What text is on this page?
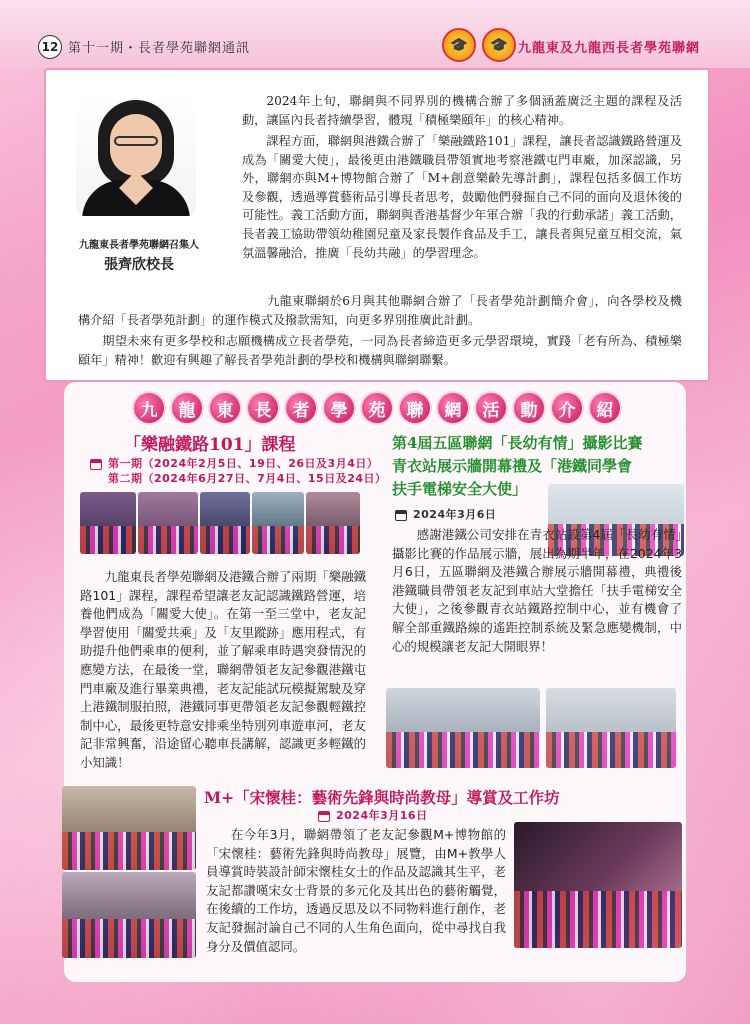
12 第十一期・長者學苑聯網通訊	🎓	🎓 九龍東及九龍西長者學苑聯網
九龍東長者學苑聯網召集人
張齊欣校長

2024年上旬，聯網與不同界別的機構合辦了多個涵蓋廣泛主題的課程及活動，讓區內長者持續學習，體現「積極樂頤年」的核心精神。

課程方面，聯網與港鐵合辦了「樂融鐵路101」課程，讓長者認識鐵路營運及成為「關愛大使」，最後更由港鐵職員帶領實地考察港鐵屯門車廠，加深認識，另外，聯網亦與M+博物館合辦了「M+創意樂齡先導計劃」，課程包括多個工作坊及參觀，透過導賞藝術品引導長者思考，鼓勵他們發掘自己不同的面向及退休後的可能性。義工活動方面，聯網與香港基督少年軍合辦「我的行動承諾」義工活動，長者義工協助帶領幼稚園兒童及家長製作食品及手工，讓長者與兒童互相交流，氣氛溫馨融洽，推廣「長幼共融」的學習理念。

九龍東聯網於6月與其他聯網合辦了「長者學苑計劃簡介會」，向各學校及機構介紹「長者學苑計劃」的運作模式及撥款需知，向更多界別推廣此計劃。

期望未來有更多學校和志願機構成立長者學苑，一同為長者締造更多元學習環境，實踐「老有所為、積極樂頤年」精神！歡迎有興趣了解長者學苑計劃的學校和機構與聯網聯繫。

九	龍	東	長	者	學	苑	聯	網	活	動	介	紹
「樂融鐵路101」課程
第一期（2024年2月5日、19日、26日及3月4日）
第二期（2024年6月27日、7月4日、15日及24日）

九龍東長者學苑聯網及港鐵合辦了兩期「樂融鐵路101」課程，課程希望讓老友記認識鐵路營運，培養他們成為「關愛大使」。在第一至三堂中，老友記學習使用「關愛共乘」及「友里蹤跡」應用程式，有助提升他們乘車的便利，並了解乘車時遇突發情況的應變方法，在最後一堂，聯網帶領老友記參觀港鐵屯門車廠及進行畢業典禮，老友記能試玩模擬駕駛及穿上港鐵制服拍照，港鐵同事更帶領老友記參觀輕鐵控制中心，最後更特意安排乘坐特別列車遊車河，老友記非常興奮，沿途留心聽車長講解，認識更多輕鐵的小知識！

第4屆五區聯網「長幼有情」攝影比賽
青衣站展示牆開幕禮及「港鐵同學會
扶手電梯安全大使」
2024年3月6日

感謝港鐵公司安排在青衣站設第4屆「長幼有情」攝影比賽的作品展示牆，展出為期半年，在2024年3月6日，五區聯網及港鐵合辦展示牆開幕禮，典禮後港鐵職員帶領老友記到車站大堂擔任「扶手電梯安全大使」，之後參觀青衣站鐵路控制中心，並有機會了解全部重鐵路線的遙距控制系統及緊急應變機制，中心的規模讓老友記大開眼界！

M+「宋懷桂：藝術先鋒與時尚教母」導賞及工作坊
2024年3月16日

在今年3月，聯網帶領了老友記參觀M+博物館的「宋懷桂：藝術先鋒與時尚教母」展覽，由M+教學人員導賞時裝設計師宋懷桂女士的作品及認識其生平，老友記都讚嘆宋女士背景的多元化及其出色的藝術觸覺，在後續的工作坊，透過反思及以不同物料進行創作，老友記發掘討論自己不同的人生角色面向，從中尋找自我身分及價值認同。
